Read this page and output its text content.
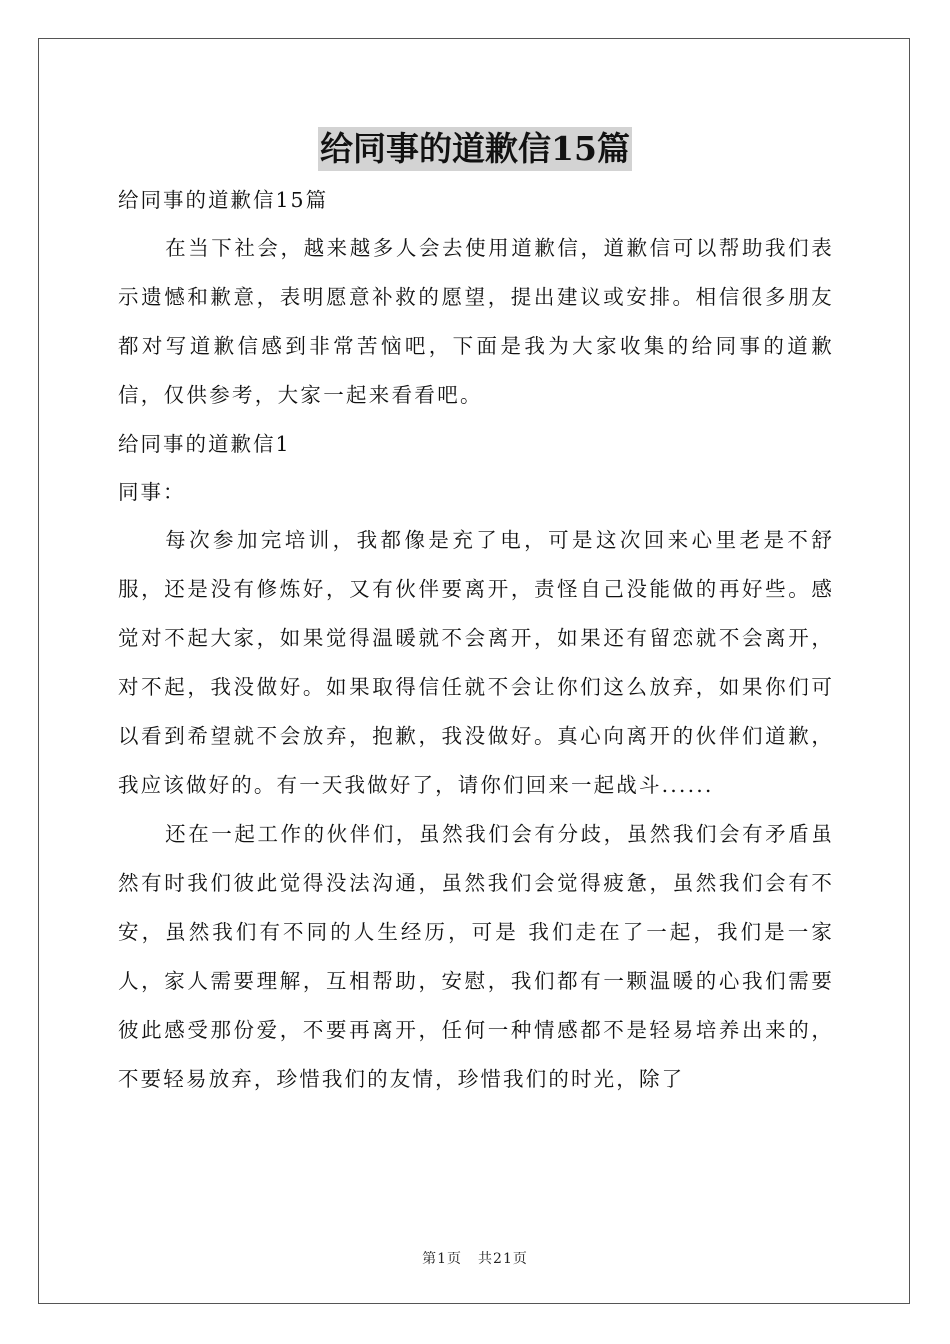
给同事的道歉信15篇

给同事的道歉信15篇

在当下社会，越来越多人会去使用道歉信，道歉信可以帮助我们表示遗憾和歉意，表明愿意补救的愿望，提出建议或安排。相信很多朋友都对写道歉信感到非常苦恼吧，下面是我为大家收集的给同事的道歉信，仅供参考，大家一起来看看吧。

给同事的道歉信1

同事：

每次参加完培训，我都像是充了电，可是这次回来心里老是不舒服，还是没有修炼好，又有伙伴要离开，责怪自己没能做的再好些。感觉对不起大家，如果觉得温暖就不会离开，如果还有留恋就不会离开，对不起，我没做好。如果取得信任就不会让你们这么放弃，如果你们可以看到希望就不会放弃，抱歉，我没做好。真心向离开的伙伴们道歉，我应该做好的。有一天我做好了，请你们回来一起战斗......

还在一起工作的伙伴们，虽然我们会有分歧，虽然我们会有矛盾虽然有时我们彼此觉得没法沟通，虽然我们会觉得疲惫，虽然我们会有不安，虽然我们有不同的人生经历，可是 我们走在了一起，我们是一家人，家人需要理解，互相帮助，安慰，我们都有一颗温暖的心我们需要彼此感受那份爱，不要再离开，任何一种情感都不是轻易培养出来的，不要轻易放弃，珍惜我们的友情，珍惜我们的时光，除了

第1页 共21页
